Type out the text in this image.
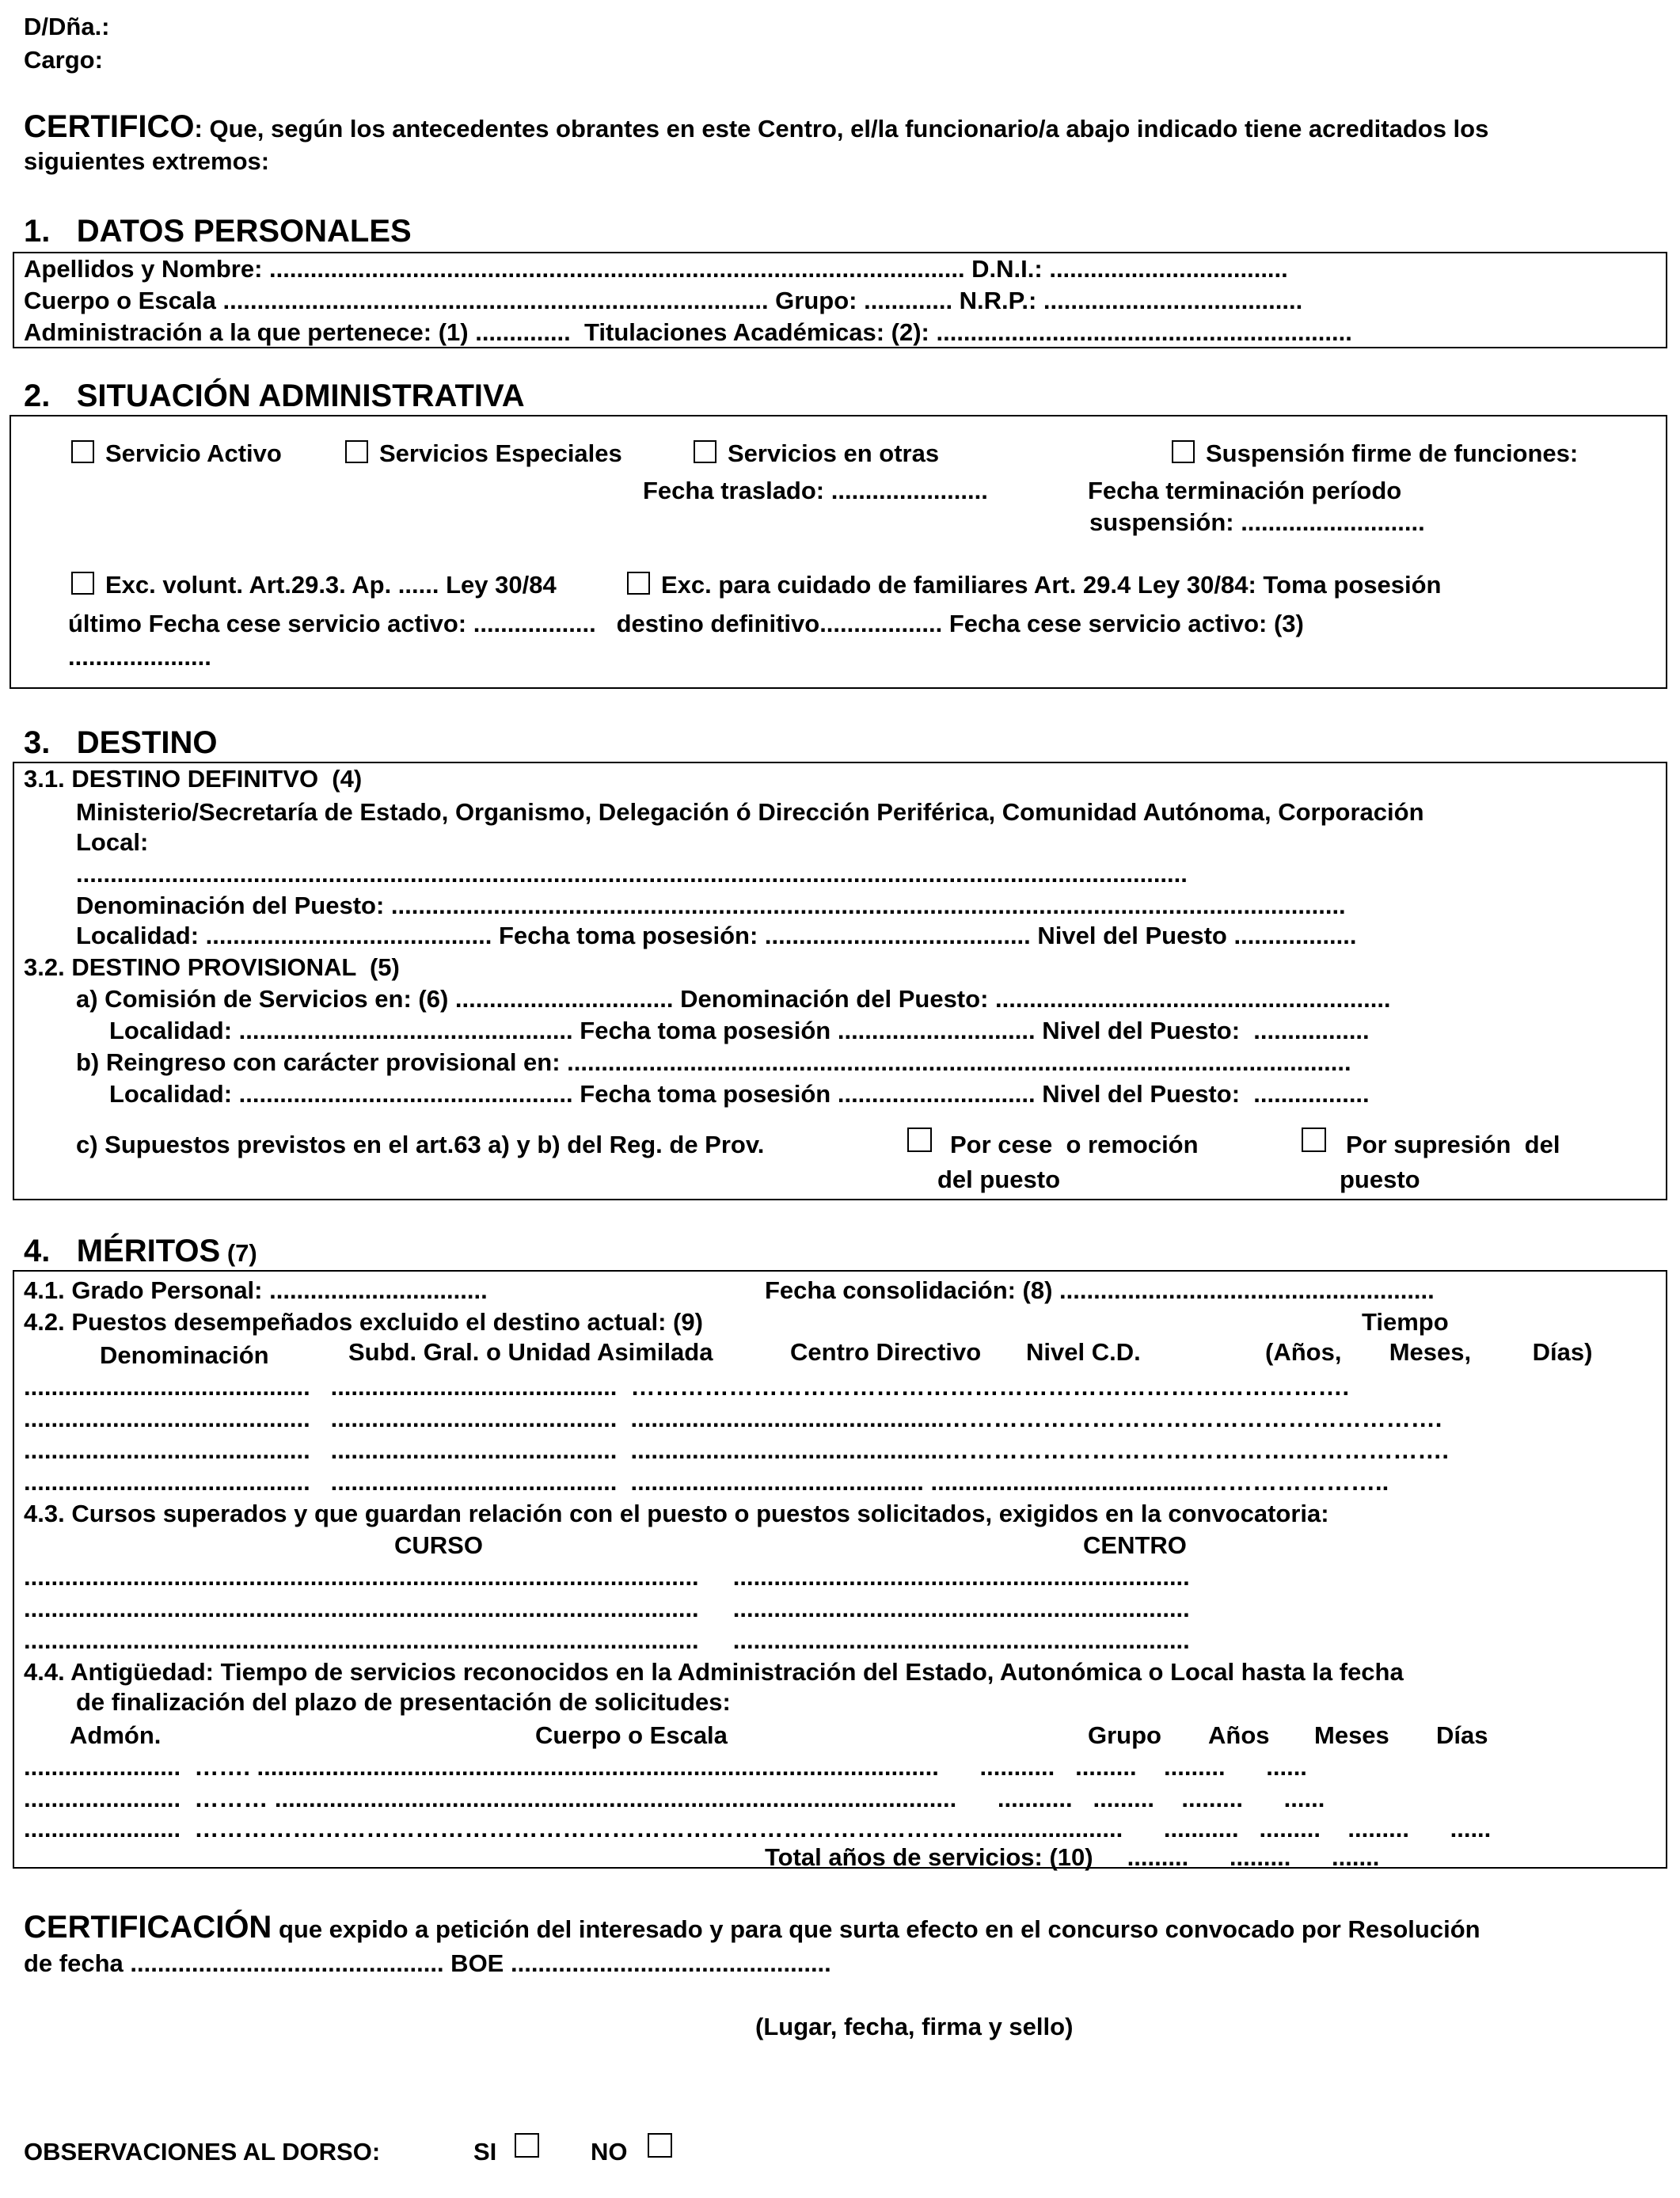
D/Dña.:
Cargo:
CERTIFICO: Que, según los antecedentes obrantes en este Centro, el/la funcionario/a abajo indicado tiene acreditados los
siguientes extremos:
1.   DATOS PERSONALES
Apellidos y Nombre: ...................................................................................................... D.N.I.: ...................................
Cuerpo o Escala ................................................................................ Grupo: ............. N.R.P.: ......................................
Administración a la que pertenece: (1) ..............  Titulaciones Académicas: (2): .............................................................
2.   SITUACIÓN ADMINISTRATIVA
Servicio Activo	Servicios Especiales	Servicios en otras	Suspensión firme de funciones:
Fecha traslado: .......................	Fecha terminación período
suspensión: ...........................
Exc. volunt. Art.29.3. Ap. ...... Ley 30/84	Exc. para cuidado de familiares Art. 29.4 Ley 30/84: Toma posesión
último Fecha cese servicio activo: ..................   destino definitivo.................. Fecha cese servicio activo: (3)
.....................
3.   DESTINO
3.1. DESTINO DEFINITVO  (4)
Ministerio/Secretaría de Estado, Organismo, Delegación ó Dirección Periférica, Comunidad Autónoma, Corporación
Local:
...................................................................................................................................................................
Denominación del Puesto: ............................................................................................................................................
Localidad: .......................................... Fecha toma posesión: ....................................... Nivel del Puesto ..................
3.2. DESTINO PROVISIONAL  (5)
a) Comisión de Servicios en: (6) ................................ Denominación del Puesto: ..........................................................
Localidad: ................................................. Fecha toma posesión ............................. Nivel del Puesto:  .................
b) Reingreso con carácter provisional en: ...................................................................................................................
Localidad: ................................................. Fecha toma posesión ............................. Nivel del Puesto:  .................
c) Supuestos previstos en el art.63 a) y b) del Reg. de Prov.	Por cese  o remoción
del puesto
Por supresión  del
puesto
4.   MÉRITOS (7)
4.1. Grado Personal: ................................	Fecha consolidación: (8) .......................................................
4.2. Puestos desempeñados excluido el destino actual: (9)	Tiempo
Denominación	Subd. Gral. o Unidad Asimilada	Centro Directivo Nivel C.D.	(Años,       Meses,         Días)
..........................................   ..........................................  …………………………………………………………………………….
..........................................   ..........................................  ..............................................…………………………………………………….
..........................................   ..........................................  ..............................................…………………………………….……………….
..........................................   ..........................................  ........................................... ........................................…………………..
4.3. Cursos superados y que guardan relación con el puesto o puestos solicitados, exigidos en la convocatoria:
CURSO	CENTRO
...................................................................................................     ...................................................................
...................................................................................................     ...................................................................
...................................................................................................     ...................................................................
4.4. Antigüedad: Tiempo de servicios reconocidos en la Administración del Estado, Autonómica o Local hasta la fecha
de finalización del plazo de presentación de solicitudes:
Admón.	Cuerpo o Escala	Grupo Años Meses Días
.......................  ……. ....................................................................................................      ...........   .........    .........      ......
.......................  ……… ....................................................................................................      ...........   .........    .........      ......
.......................  …………………………………………………………………………………….....................      ...........   .........    .........      ......
Total años de servicios: (10)     .........      .........      .......
CERTIFICACIÓN que expido a petición del interesado y para que surta efecto en el concurso convocado por Resolución
de fecha .............................................. BOE ...............................................
(Lugar, fecha, firma y sello)
OBSERVACIONES AL DORSO:	SI	NO
